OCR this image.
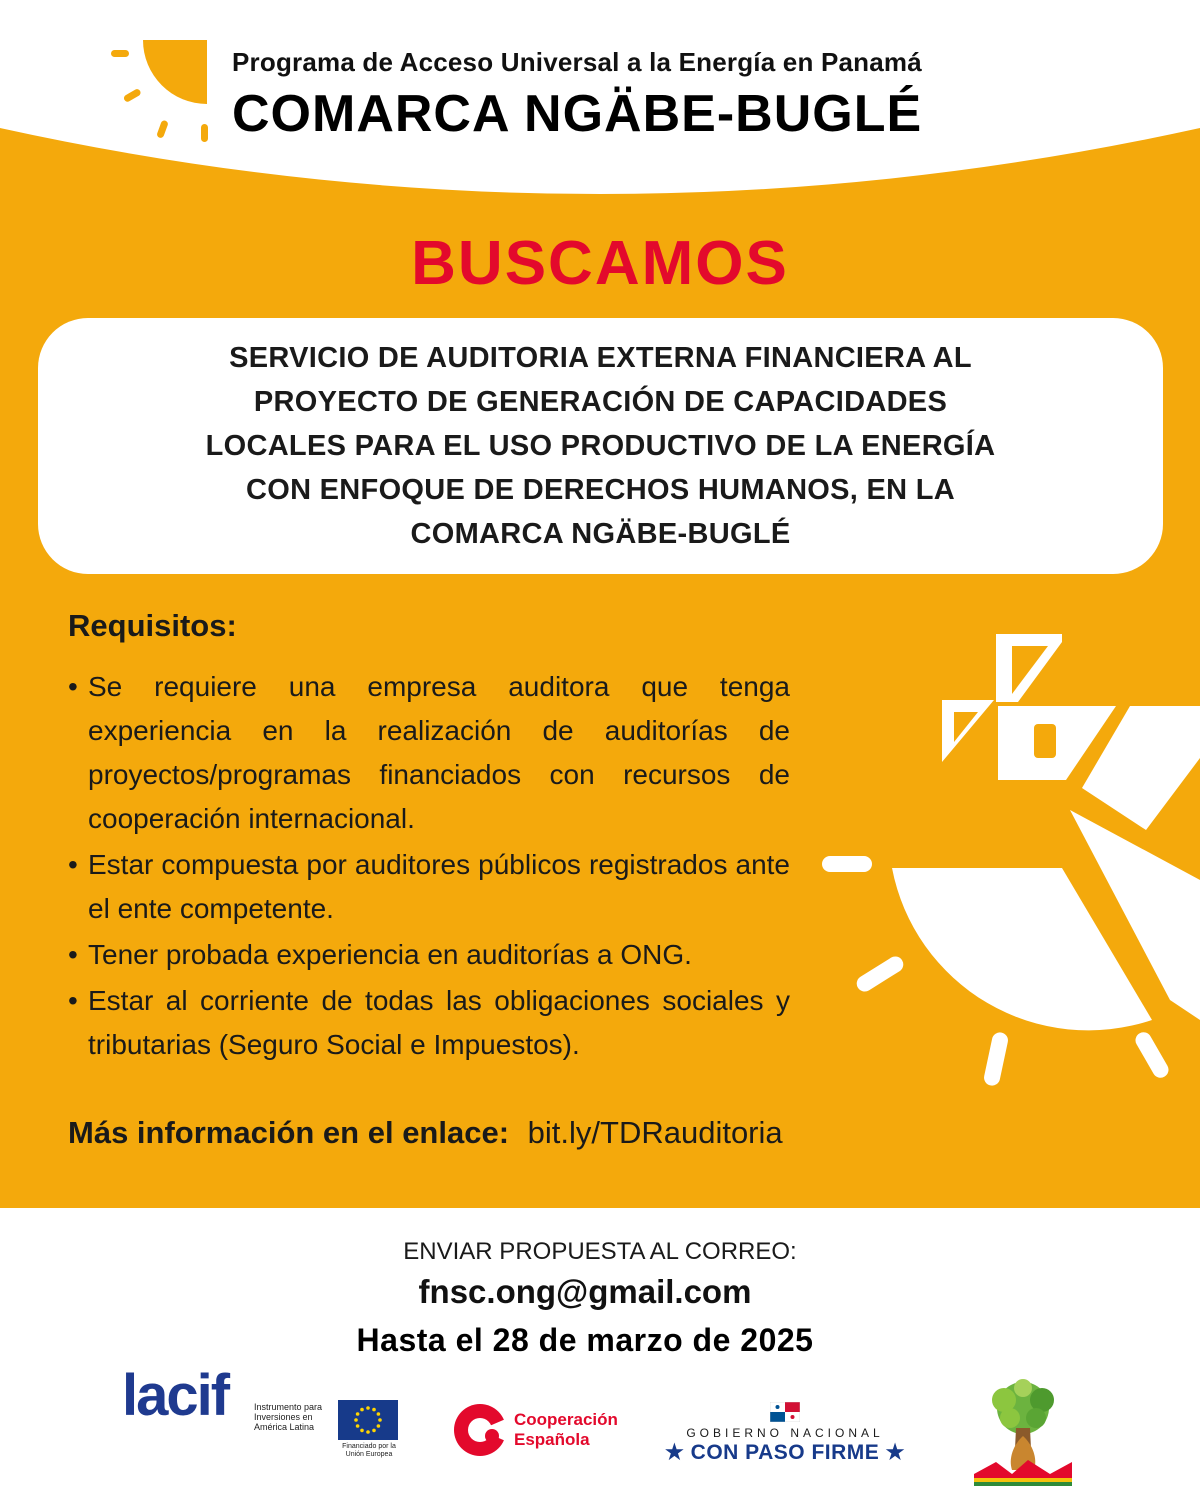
Programa de Acceso Universal a la Energía en Panamá
COMARCA NGÄBE-BUGLÉ
BUSCAMOS
SERVICIO DE AUDITORIA EXTERNA FINANCIERA AL
PROYECTO DE GENERACIÓN DE CAPACIDADES
LOCALES PARA EL USO PRODUCTIVO DE LA ENERGÍA
CON ENFOQUE DE DERECHOS HUMANOS, EN LA
COMARCA NGÄBE-BUGLÉ
Requisitos:
• Se requiere una empresa auditora que tenga experiencia en la realización de auditorías de proyectos/programas financiados con recursos de cooperación internacional.
• Estar compuesta por auditores públicos registrados ante el ente competente.
• Tener probada experiencia en auditorías a ONG.
• Estar al corriente de todas las obligaciones sociales y tributarias (Seguro Social e Impuestos).
Más información en el enlace: bit.ly/TDRauditoria
ENVIAR PROPUESTA AL CORREO:
fnsc.ong@gmail.com
Hasta el 28 de marzo de 2025
lacif	Instrumento para Inversiones en América Latina
Financiado por la Unión Europea
Cooperación
Española	GOBIERNO NACIONAL
★ CON PASO FIRME ★
